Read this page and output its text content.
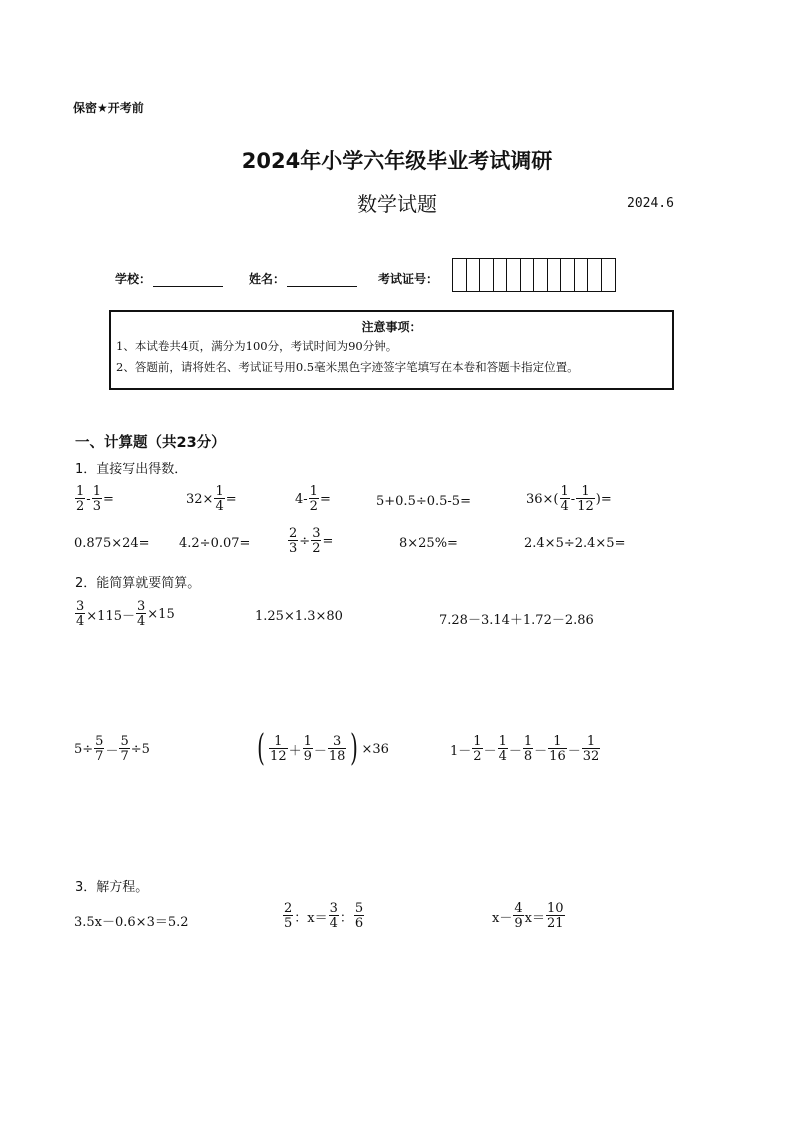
保密★开考前
2024年小学六年级毕业考试调研
数学试题	2024.6
学校：	姓名：	考试证号：
注意事项：
1、本试卷共4页，满分为100分，考试时间为90分钟。
2、答题前，请将姓名、考试证号用0.5毫米黑色字迹签字笔填写在本卷和答题卡指定位置。
一、计算题（共23分）
1．直接写出得数．
$\frac{1}{2} - \frac{1}{3}$ =	$32\times \frac{1}{4}$ =	$4- \frac{1}{2}$ =	5+0.5÷0.5-5=	$36\times( \frac{1}{4} - \frac{1}{12}$ )=
0.875×24= 4.2÷0.07=	$\frac{2}{3} \div \frac{3}{2}$ =	8×25%=	2.4×5÷2.4×5=
2．能简算就要简算。
$\frac{3}{4} \times 115- \frac{3}{4} \times 15$	1.25×1.3×80	7.28－3.14＋1.72－2.86
$5\div \frac{5}{7} - \frac{5}{7} \div 5$	( $\frac{1}{12} + \frac{1}{9} - \frac{3}{18}$ ) ×36	$1- \frac{1}{2} - \frac{1}{4} - \frac{1}{8} - \frac{1}{16} - \frac{1}{32}$
3．解方程。
3.5x－0.6×3＝5.2	$\frac{2}{5}$ ：$x= \frac{3}{4}$ ： $\frac{5}{6}$	$x- \frac{4}{9} x= \frac{10}{21}$
